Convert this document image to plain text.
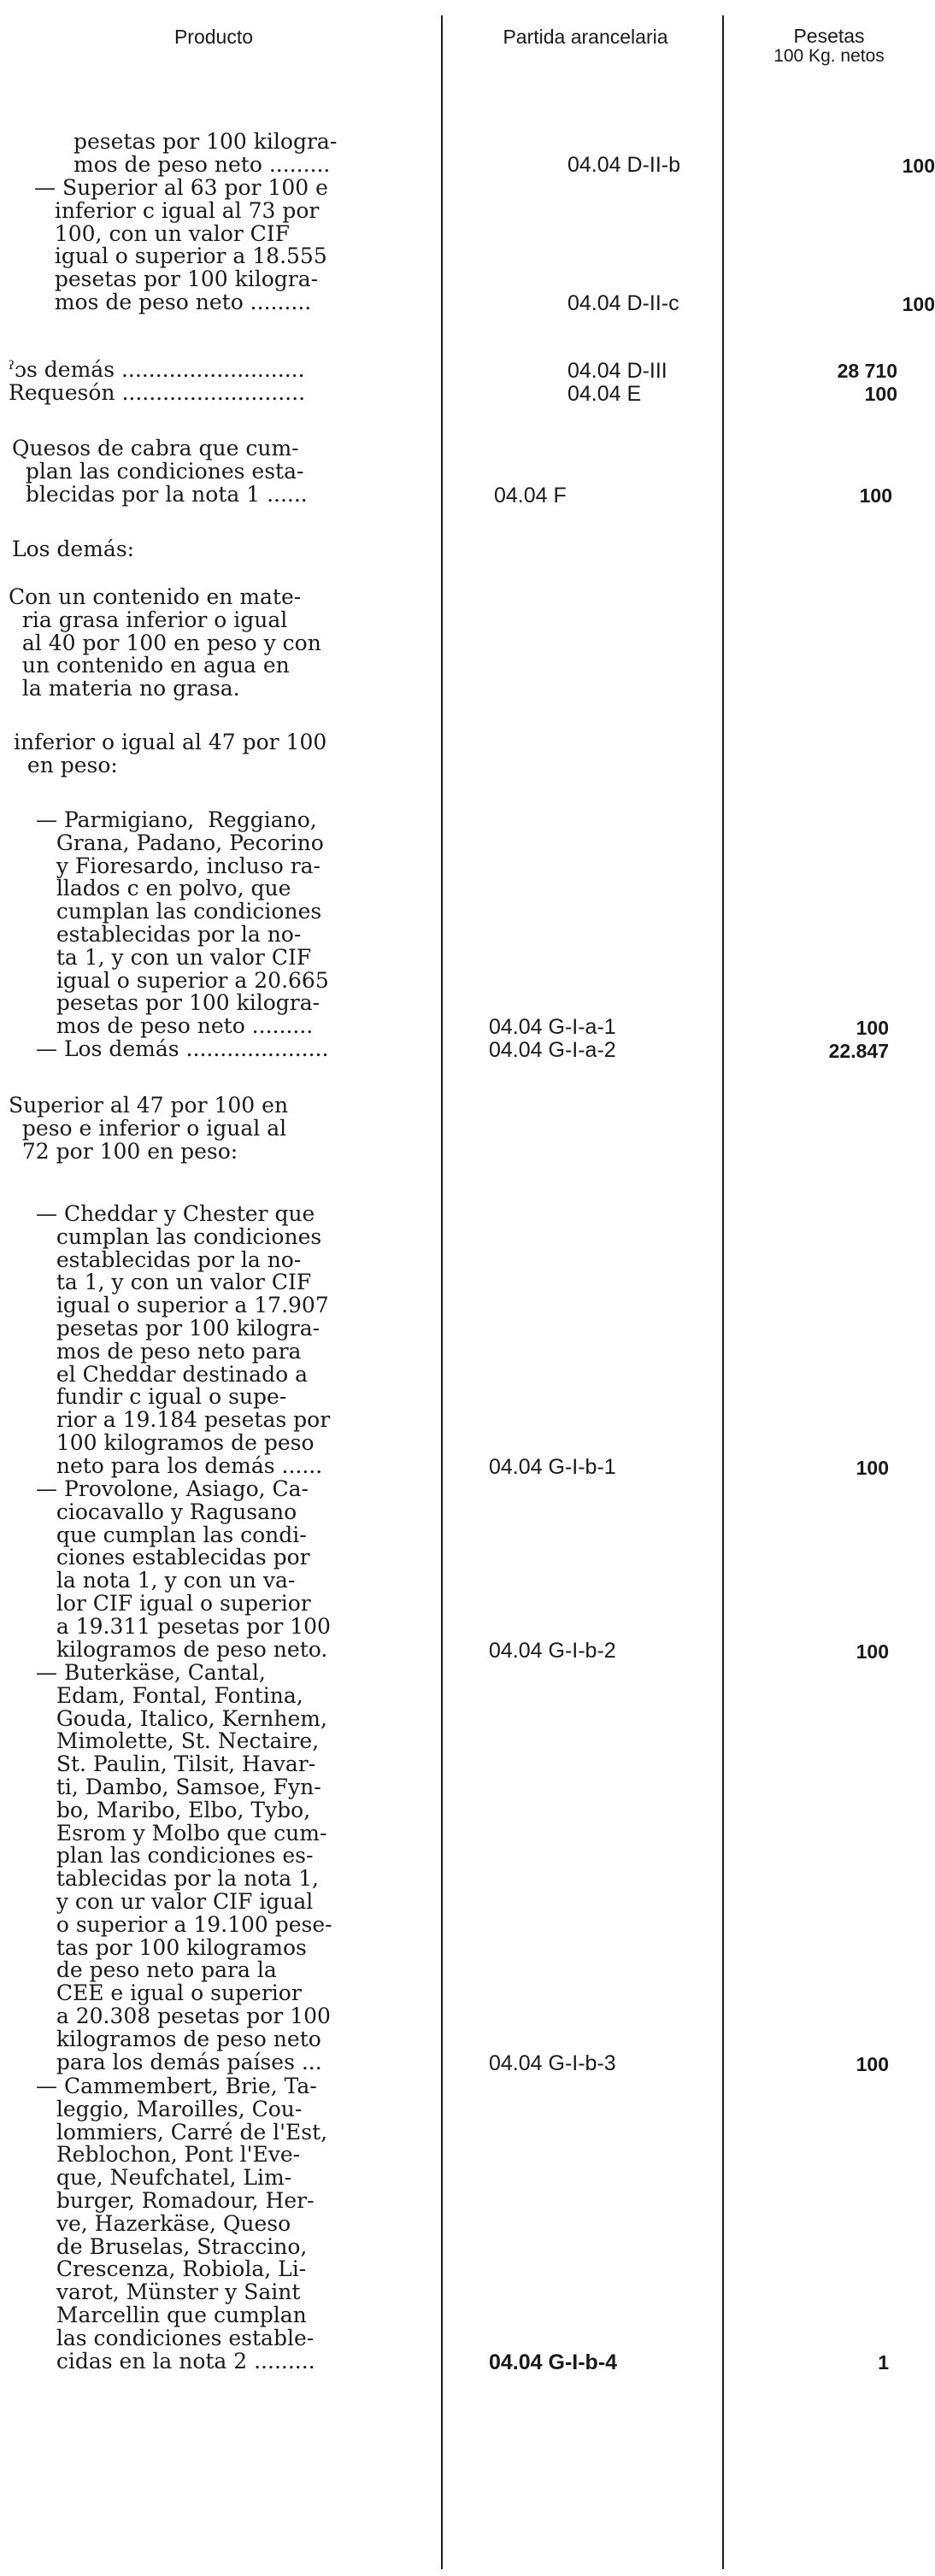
Producto	Partida arancelaria	Pesetas
100 Kg. netos
pesetas por 100 kilogra-
mos de peso neto .........	04.04 D-II-b	100
— Superior al 63 por 100 e
inferior c igual al 73 por
100, con un valor CIF
igual o superior a 18.555
pesetas por 100 kilogra-
mos de peso neto .........	04.04 D-II-c	100
ˀɔs demás ...........................	04.04 D-III	28 710
Requesón ...........................	04.04 E	100
Quesos de cabra que cum-
plan las condiciones esta-
blecidas por la nota 1 ......	04.04 F	100
Los demás:
Con un contenido en mate-
ria grasa inferior o igual
al 40 por 100 en peso y con
un contenido en agua en
la materia no grasa.
inferior o igual al 47 por 100
en peso:
— Parmigiano,  Reggiano,
Grana, Padano, Pecorino
y Fioresardo, incluso ra-
llados c en polvo, que
cumplan las condiciones
establecidas por la no-
ta 1, y con un valor CIF
igual o superior a 20.665
pesetas por 100 kilogra-
mos de peso neto .........	04.04 G-I-a-1	100
— Los demás .....................	04.04 G-I-a-2	22.847
Superior al 47 por 100 en
peso e inferior o igual al
72 por 100 en peso:
— Cheddar y Chester que
cumplan las condiciones
establecidas por la no-
ta 1, y con un valor CIF
igual o superior a 17.907
pesetas por 100 kilogra-
mos de peso neto para
el Cheddar destinado a
fundir c igual o supe-
rior a 19.184 pesetas por
100 kilogramos de peso
neto para los demás ......	04.04 G-I-b-1	100
— Provolone, Asiago, Ca-
ciocavallo y Ragusano
que cumplan las condi-
ciones establecidas por
la nota 1, y con un va-
lor CIF igual o superior
a 19.311 pesetas por 100
kilogramos de peso neto.	04.04 G-I-b-2	100
— Buterkäse, Cantal,
Edam, Fontal, Fontina,
Gouda, Italico, Kernhem,
Mimolette, St. Nectaire,
St. Paulin, Tilsit, Havar-
ti, Dambo, Samsoe, Fyn-
bo, Maribo, Elbo, Tybo,
Esrom y Molbo que cum-
plan las condiciones es-
tablecidas por la nota 1,
y con ur valor CIF igual
o superior a 19.100 pese-
tas por 100 kilogramos
de peso neto para la
CEE e igual o superior
a 20.308 pesetas por 100
kilogramos de peso neto
para los demás países ...	04.04 G-I-b-3	100
— Cammembert, Brie, Ta-
leggio, Maroilles, Cou-
lommiers, Carré de l'Est,
Reblochon, Pont l'Eve-
que, Neufchatel, Lim-
burger, Romadour, Her-
ve, Hazerkäse, Queso
de Bruselas, Straccino,
Crescenza, Robiola, Li-
varot, Münster y Saint
Marcellin que cumplan
las condiciones estable-
cidas en la nota 2 .........	04.04 G-I-b-4	1
